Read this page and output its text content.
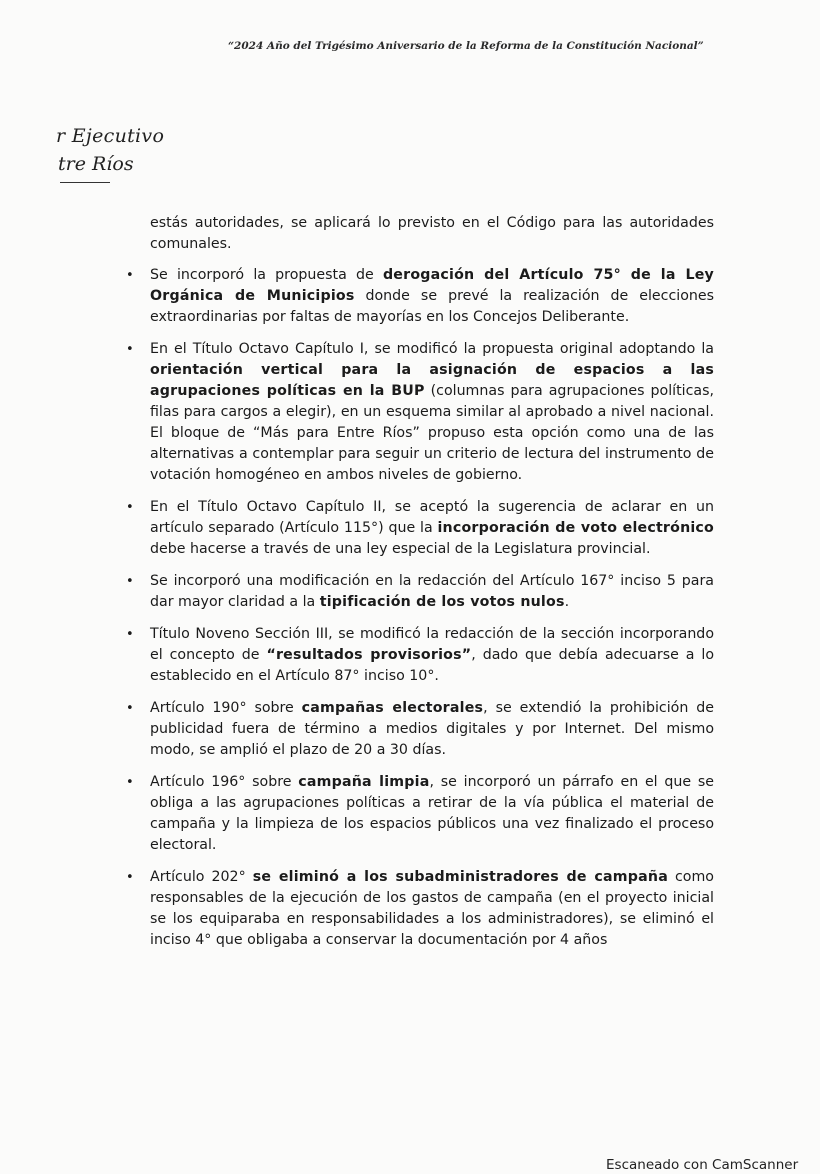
“2024 Año del Trigésimo Aniversario de la Reforma de la Constitución Nacional”
r Ejecutivo
tre Ríos

estás autoridades, se aplicará lo previsto en el Código para las autoridades comunales.

• Se incorporó la propuesta de derogación del Artículo 75° de la Ley Orgánica de Municipios donde se prevé la realización de elecciones extraordinarias por faltas de mayorías en los Concejos Deliberante.
• En el Título Octavo Capítulo I, se modificó la propuesta original adoptando la orientación vertical para la asignación de espacios a las agrupaciones políticas en la BUP (columnas para agrupaciones políticas, filas para cargos a elegir), en un esquema similar al aprobado a nivel nacional. El bloque de “Más para Entre Ríos” propuso esta opción como una de las alternativas a contemplar para seguir un criterio de lectura del instrumento de votación homogéneo en ambos niveles de gobierno.
• En el Título Octavo Capítulo II, se aceptó la sugerencia de aclarar en un artículo separado (Artículo 115°) que la incorporación de voto electrónico debe hacerse a través de una ley especial de la Legislatura provincial.
• Se incorporó una modificación en la redacción del Artículo 167° inciso 5 para dar mayor claridad a la tipificación de los votos nulos.
• Título Noveno Sección III, se modificó la redacción de la sección incorporando el concepto de “resultados provisorios”, dado que debía adecuarse a lo establecido en el Artículo 87° inciso 10°.
• Artículo 190° sobre campañas electorales, se extendió la prohibición de publicidad fuera de término a medios digitales y por Internet. Del mismo modo, se amplió el plazo de 20 a 30 días.
• Artículo 196° sobre campaña limpia, se incorporó un párrafo en el que se obliga a las agrupaciones políticas a retirar de la vía pública el material de campaña y la limpieza de los espacios públicos una vez finalizado el proceso electoral.
• Artículo 202° se eliminó a los subadministradores de campaña como responsables de la ejecución de los gastos de campaña (en el proyecto inicial se los equiparaba en responsabilidades a los administradores), se eliminó el inciso 4° que obligaba a conservar la documentación por 4 años
Escaneado con CamScanner
